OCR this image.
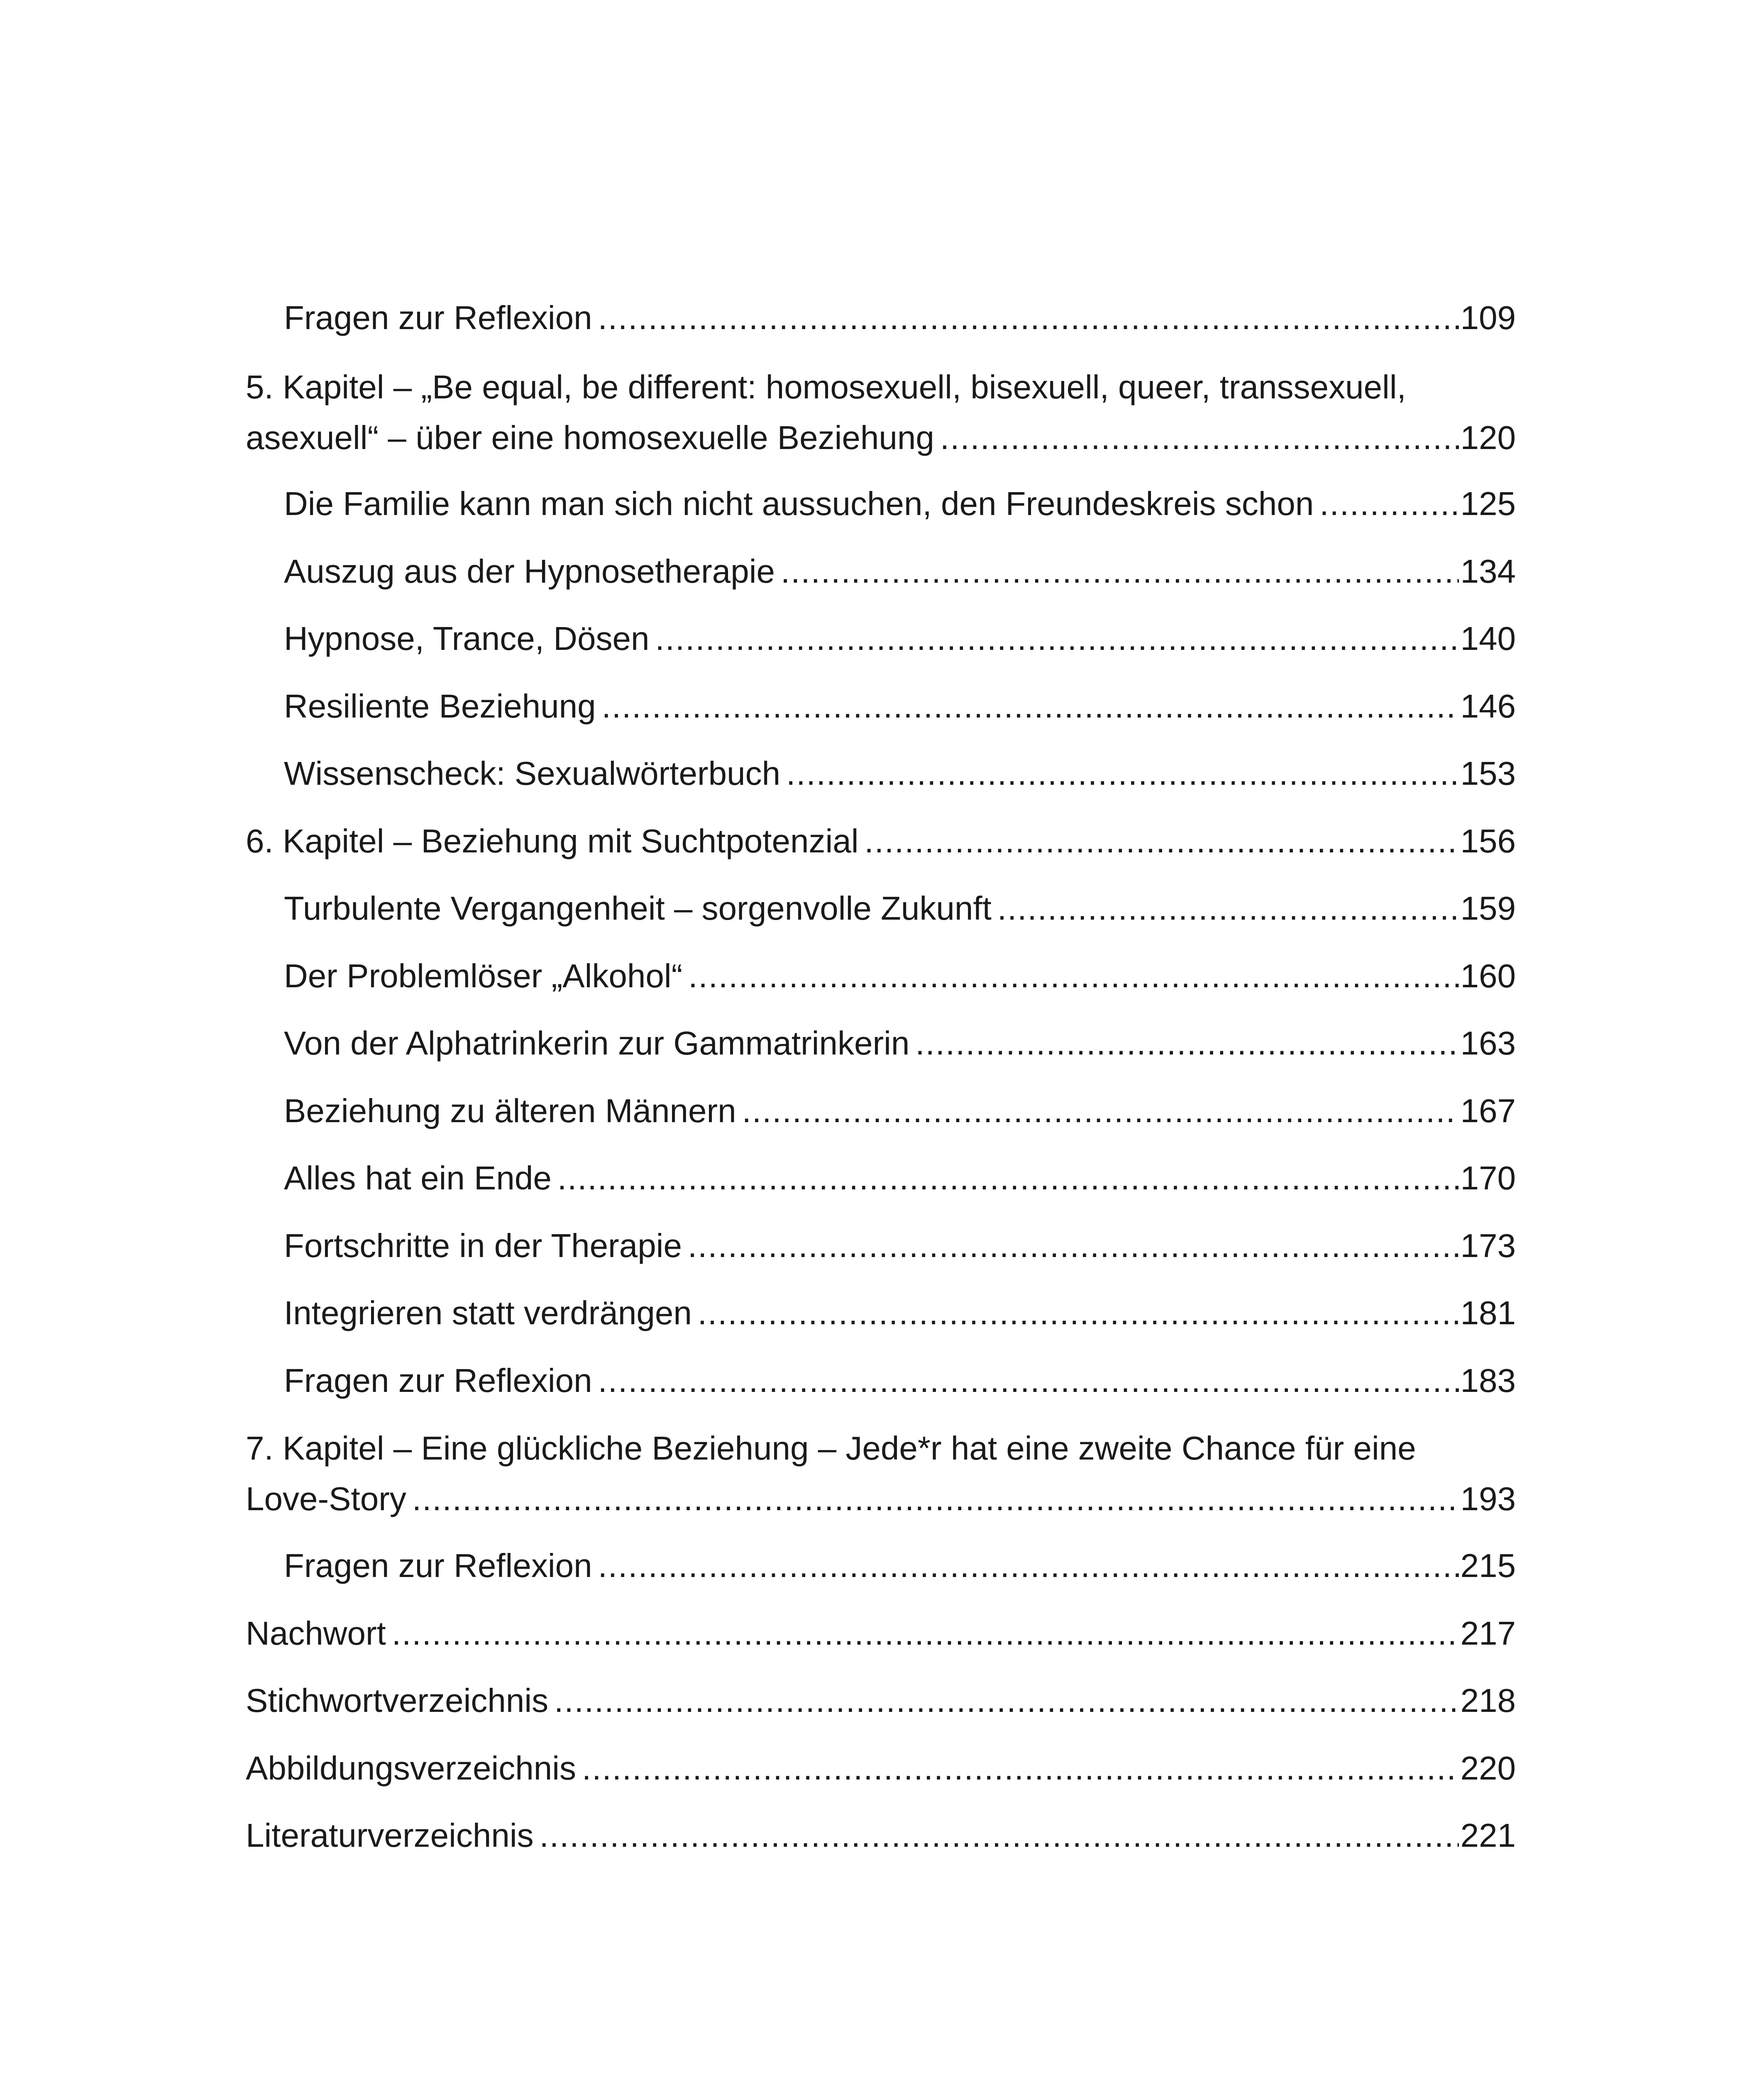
Fragen zur Reflexion .....	109
5. Kapitel – „Be equal, be different: homosexuell, bisexuell, queer, transsexuell,
asexuell“ – über eine homosexuelle Beziehung .....	120
Die Familie kann man sich nicht aussuchen, den Freundeskreis schon .....	125
Auszug aus der Hypnosetherapie .....	134
Hypnose, Trance, Dösen .....	140
Resiliente Beziehung .....	146
Wissenscheck: Sexualwörterbuch .....	153
6. Kapitel – Beziehung mit Suchtpotenzial .....	156
Turbulente Vergangenheit – sorgenvolle Zukunft .....	159
Der Problemlöser „Alkohol“ .....	160
Von der Alphatrinkerin zur Gammatrinkerin .....	163
Beziehung zu älteren Männern .....	167
Alles hat ein Ende .....	170
Fortschritte in der Therapie .....	173
Integrieren statt verdrängen .....	181
Fragen zur Reflexion .....	183
7. Kapitel – Eine glückliche Beziehung – Jede*r hat eine zweite Chance für eine
Love-Story .....	193
Fragen zur Reflexion .....	215
Nachwort .....	217
Stichwortverzeichnis .....	218
Abbildungsverzeichnis .....	220
Literaturverzeichnis .....	221
